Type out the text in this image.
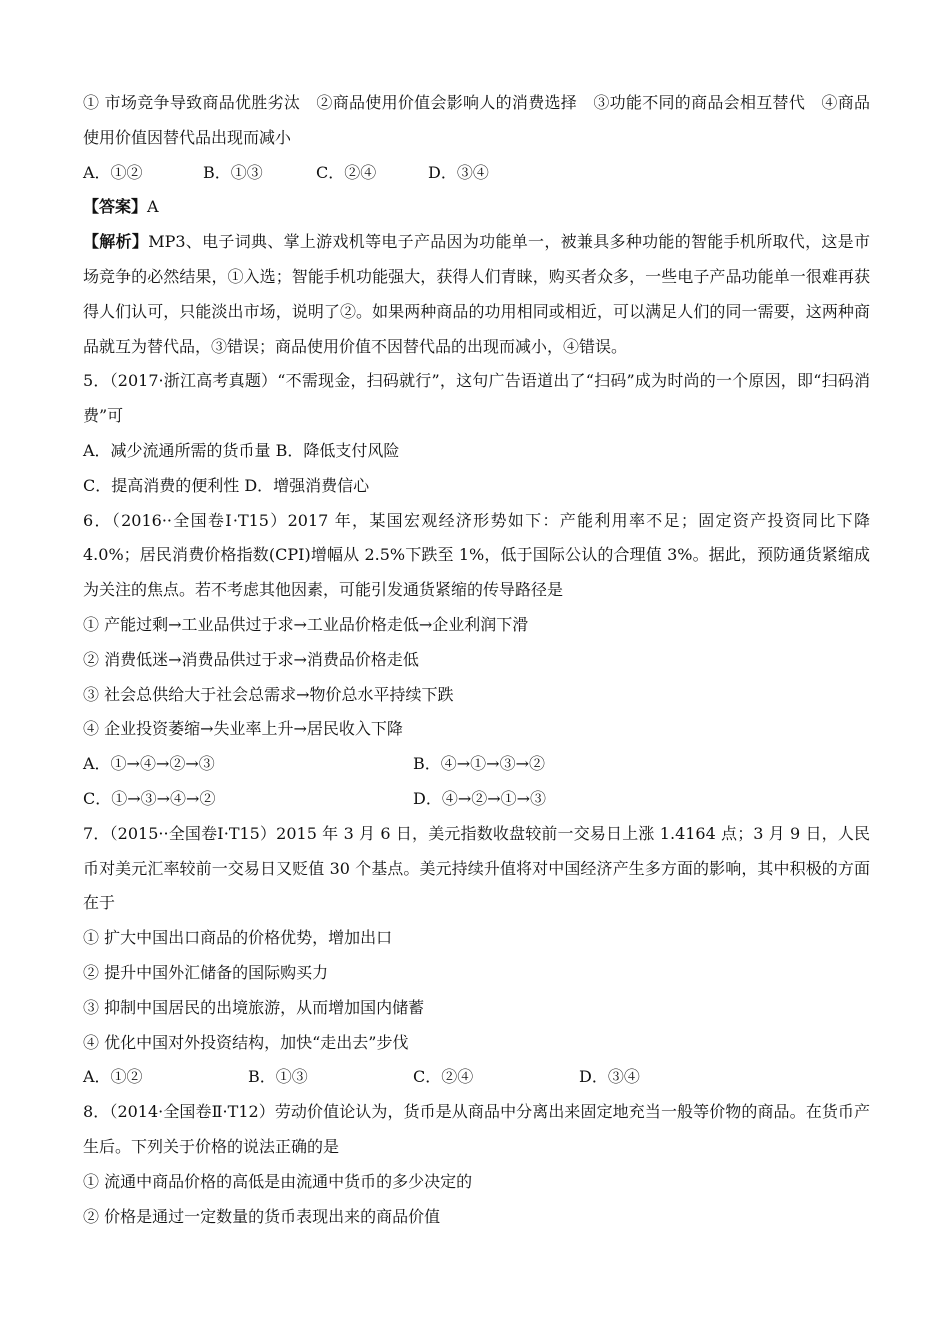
① 市场竞争导致商品优胜劣汰　②商品使用价值会影响人的消费选择　③功能不同的商品会相互替代　④商品使用价值因替代品出现而减小
A．①②	B．①③	C．②④	D．③④
【答案】A
【解析】MP3、电子词典、掌上游戏机等电子产品因为功能单一，被兼具多种功能的智能手机所取代，这是市场竞争的必然结果，①入选；智能手机功能强大，获得人们青睐，购买者众多，一些电子产品功能单一很难再获得人们认可，只能淡出市场，说明了②。如果两种商品的功用相同或相近，可以满足人们的同一需要，这两种商品就互为替代品，③错误；商品使用价值不因替代品的出现而减小，④错误。
5．（2017·浙江高考真题）“不需现金，扫码就行”，这句广告语道出了“扫码”成为时尚的一个原因，即“扫码消费”可
A．减少流通所需的货币量 B．降低支付风险
C．提高消费的便利性 D．增强消费信心
6．（2016··全国卷Ⅰ·T15）2017 年，某国宏观经济形势如下：产能利用率不足；固定资产投资同比下降 4.0%；居民消费价格指数(CPI)增幅从 2.5%下跌至 1%，低于国际公认的合理值 3%。据此，预防通货紧缩成为关注的焦点。若不考虑其他因素，可能引发通货紧缩的传导路径是
① 产能过剩→工业品供过于求→工业品价格走低→企业利润下滑
② 消费低迷→消费品供过于求→消费品价格走低
③ 社会总供给大于社会总需求→物价总水平持续下跌
④ 企业投资萎缩→失业率上升→居民收入下降
A．①→④→②→③	B．④→①→③→②
C．①→③→④→②	D．④→②→①→③
7．（2015··全国卷Ⅰ·T15）2015 年 3 月 6 日，美元指数收盘较前一交易日上涨 1.4164 点；3 月 9 日，人民币对美元汇率较前一交易日又贬值 30 个基点。美元持续升值将对中国经济产生多方面的影响，其中积极的方面在于
① 扩大中国出口商品的价格优势，增加出口
② 提升中国外汇储备的国际购买力
③ 抑制中国居民的出境旅游，从而增加国内储蓄
④ 优化中国对外投资结构，加快“走出去”步伐
A．①②	B．①③	C．②④	D．③④
8．（2014·全国卷Ⅱ·T12）劳动价值论认为，货币是从商品中分离出来固定地充当一般等价物的商品。在货币产生后。下列关于价格的说法正确的是
① 流通中商品价格的高低是由流通中货币的多少决定的
② 价格是通过一定数量的货币表现出来的商品价值
